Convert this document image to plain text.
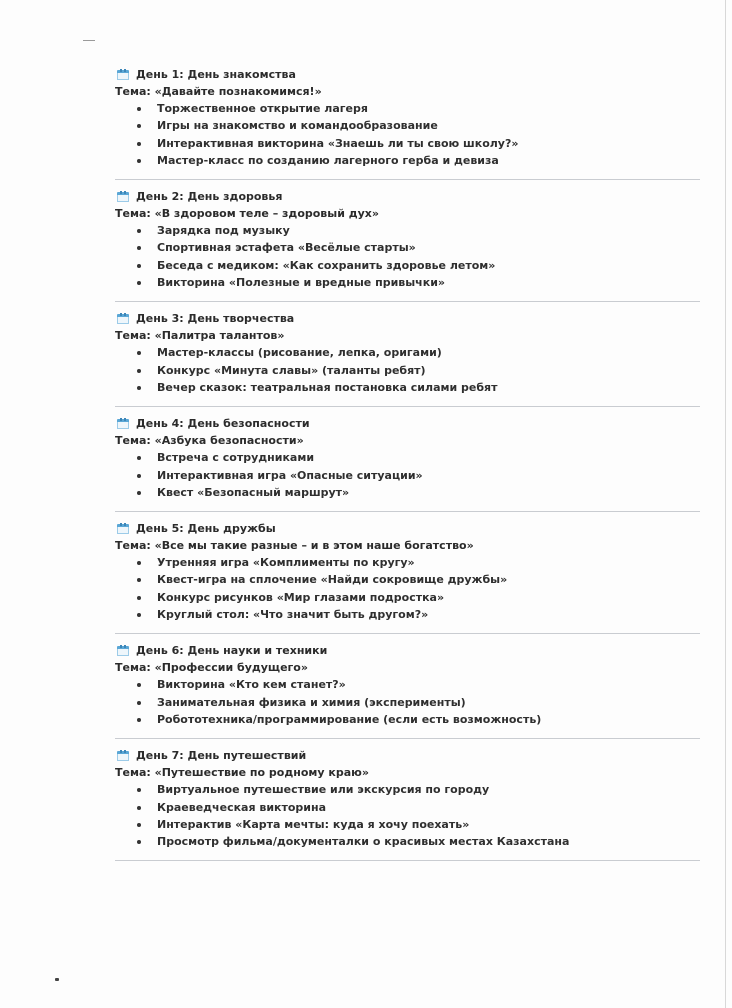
День 1: День знакомства
Тема: «Давайте познакомимся!»
Торжественное открытие лагеря
Игры на знакомство и командообразование
Интерактивная викторина «Знаешь ли ты свою школу?»
Мастер-класс по созданию лагерного герба и девиза
День 2: День здоровья
Тема: «В здоровом теле – здоровый дух»
Зарядка под музыку
Спортивная эстафета «Весёлые старты»
Беседа с медиком: «Как сохранить здоровье летом»
Викторина «Полезные и вредные привычки»
День 3: День творчества
Тема: «Палитра талантов»
Мастер-классы (рисование, лепка, оригами)
Конкурс «Минута славы» (таланты ребят)
Вечер сказок: театральная постановка силами ребят
День 4: День безопасности
Тема: «Азбука безопасности»
Встреча с сотрудниками
Интерактивная игра «Опасные ситуации»
Квест «Безопасный маршрут»
День 5: День дружбы
Тема: «Все мы такие разные – и в этом наше богатство»
Утренняя игра «Комплименты по кругу»
Квест-игра на сплочение «Найди сокровище дружбы»
Конкурс рисунков «Мир глазами подростка»
Круглый стол: «Что значит быть другом?»
День 6: День науки и техники
Тема: «Профессии будущего»
Викторина «Кто кем станет?»
Занимательная физика и химия (эксперименты)
Робототехника/программирование (если есть возможность)
День 7: День путешествий
Тема: «Путешествие по родному краю»
Виртуальное путешествие или экскурсия по городу
Краеведческая викторина
Интерактив «Карта мечты: куда я хочу поехать»
Просмотр фильма/документалки о красивых местах Казахстана
